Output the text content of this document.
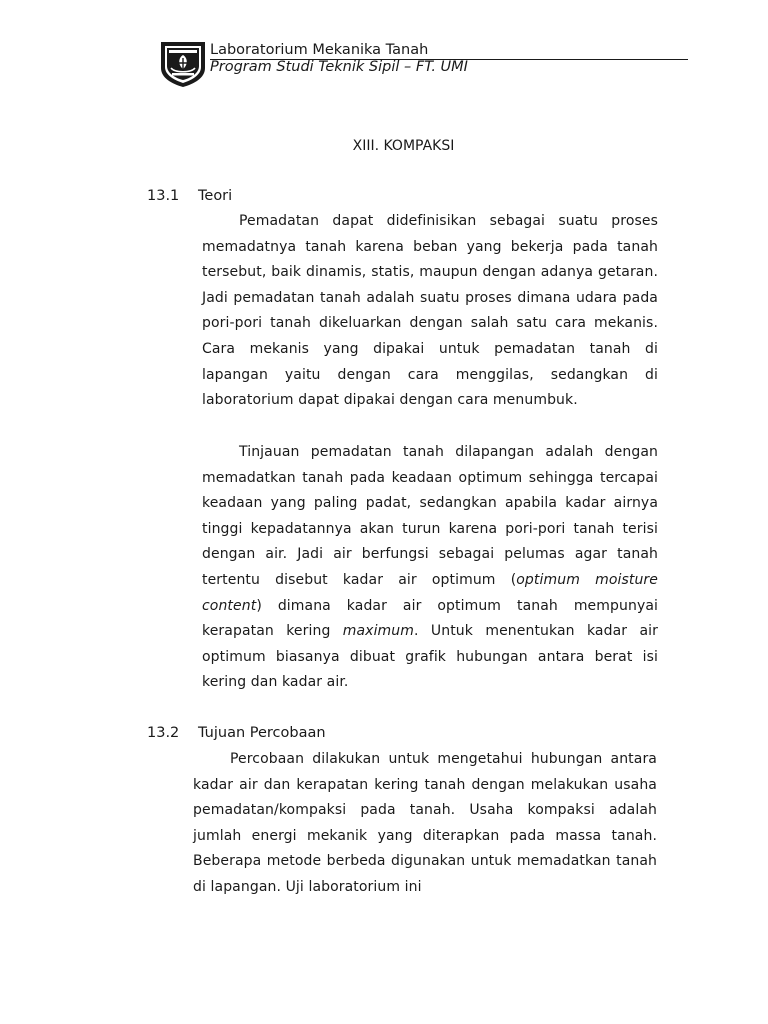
Laboratorium Mekanika Tanah
Program Studi Teknik Sipil – FT. UMI
XIII. KOMPAKSI
13.1 Teori

Pemadatan dapat didefinisikan sebagai suatu proses memadatnya tanah karena beban yang bekerja pada tanah tersebut, baik dinamis, statis, maupun dengan adanya getaran. Jadi pemadatan tanah adalah suatu proses dimana udara pada pori-pori tanah dikeluarkan dengan salah satu cara mekanis. Cara mekanis yang dipakai untuk pemadatan tanah di lapangan yaitu dengan cara menggilas, sedangkan di laboratorium dapat dipakai dengan cara menumbuk.

Tinjauan pemadatan tanah dilapangan adalah dengan memadatkan tanah pada keadaan optimum sehingga tercapai keadaan yang paling padat, sedangkan apabila kadar airnya tinggi kepadatannya akan turun karena pori-pori tanah terisi dengan air. Jadi air berfungsi sebagai pelumas agar tanah tertentu disebut kadar air optimum (optimum moisture content) dimana kadar air optimum tanah mempunyai kerapatan kering maximum. Untuk menentukan kadar air optimum biasanya dibuat grafik hubungan antara berat isi kering dan kadar air.

13.2 Tujuan Percobaan

Percobaan dilakukan untuk mengetahui hubungan antara kadar air dan kerapatan kering tanah dengan melakukan usaha pemadatan/kompaksi pada tanah. Usaha kompaksi adalah jumlah energi mekanik yang diterapkan pada massa tanah. Beberapa metode berbeda digunakan untuk memadatkan tanah di lapangan. Uji laboratorium ini
